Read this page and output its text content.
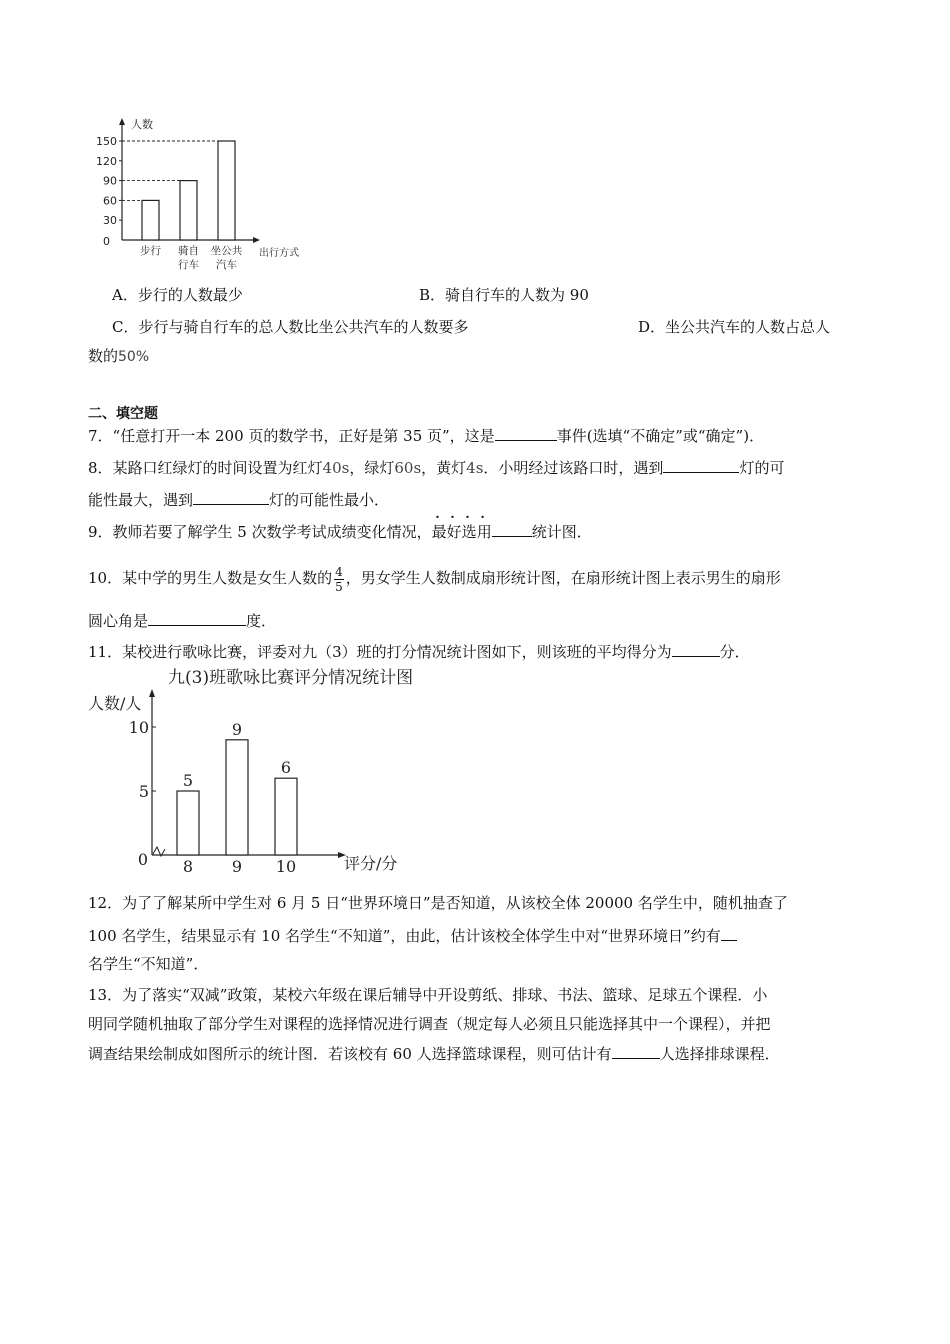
30
60
90
120
150
0
人数
出行方式
步行 骑自
行车
坐公共
汽车
A．步行的人数最少	B．骑自行车的人数为 90
C．步行与骑自行车的总人数比坐公共汽车的人数要多	D．坐公共汽车的人数占总人
数的50%
二、填空题
7．“任意打开一本 200 页的数学书，正好是第 35 页”，这是	事件(选填“不确定”或“确定”)．
8．某路口红绿灯的时间设置为红灯40s，绿灯60s，黄灯4s．小明经过该路口时，遇到	灯的可
能性最大，遇到	灯的可能性最小．
9．教师若要了解学生 5 次数学考试成绩变化情况，最好选用	统计图．
10．某中学的男生人数是女生人数的 $\frac{4}{5}$ ，男女学生人数制成扇形统计图，在扇形统计图上表示男生的扇形
圆心角是	度．
11．某校进行歌咏比赛，评委对九（3）班的打分情况统计图如下，则该班的平均得分为	分．
九(3)班歌咏比赛评分情况统计图
人数/人
评分/分
5
10
0
5
8
9
9
6
10
12．为了了解某所中学生对 6 月 5 日“世界环境日”是否知道，从该校全体 20000 名学生中，随机抽查了
100 名学生，结果显示有 10 名学生“不知道”，由此，估计该校全体学生中对“世界环境日”约有
名学生“不知道”．
13．为了落实“双减”政策，某校六年级在课后辅导中开设剪纸、排球、书法、篮球、足球五个课程．小
明同学随机抽取了部分学生对课程的选择情况进行调查（规定每人必须且只能选择其中一个课程），并把
调查结果绘制成如图所示的统计图．若该校有 60 人选择篮球课程，则可估计有	人选择排球课程．
